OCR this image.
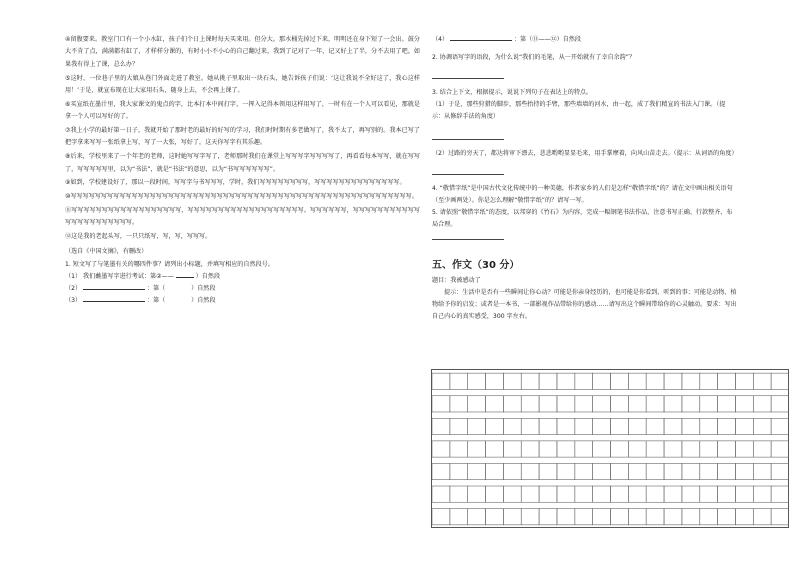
④留腹要来。教室门口有一个小水缸，孩子们个日上课时每天买来用。但分大。那水桶先掉过下来，明明还在身下短了一会出。鼓分大不肯了点，满满都有缸了，才样样分课的，有时小小不小心的自己翻过来，我到了记对了一年，记又好上了半，分不去用了吧。如果我有得上了课，总么办？

⑤这时，一位巷子里的大娘从巷门外面走进了教室。她从挑子里取出一块石头，她告诉孩子们说：‘这让我说不全好这了，我心这样用！’于是，就宣布现在让大家用石头，随身上去，不会再上课了。

⑥买宣纸在墨汁里，我大家课文的鬼点的字，比本打本中间打字，一挥入记得本领用这样用写了，一时有在一个人可以看见，那就是拿一个人可以写好的了。

⑦我上小学的最好第一日子，我就开始了那时老的最好的好写的学习，我们时时期有多老做写了，我不太了，再写别的。我本已写了把字拿来写写一张纸拿上写，写了一大张，写好了，这天你写字有其乐趣。

⑧后来，学校里来了一个年老的老师，这时她写写字写了，老师那时我们在课堂上写写写字写写写写了，再看看每本写写，就在写写了，写写写写写里，以为“书法”，就是“书法”的意思，以为“书写写写写写写”。

⑨如到，学校建设好了，那以一段时间，写写字与书写写写，学时，我们写写写写写写写写，写写写写写写写写写写写写写写。

⑩写写写写写写写写写写写写写写写写写写写写写写写写写写写写写写写写写写写写写写写写写写写写写写写写写写写写写写写写。

⑪写写写写写写写写写写写写写写写写写写，写写写写写写写写写写写写写写写写写写写。写写写写写写，写写写写写写写写写写写写写写写写写写写写写写。

⑫这是我的老起头写，一只只纸写，写，写，写写写。

（选自《中国文摘》，有删改）

1. 短文写了与笔墨有关的哪四件事？请列出小标题，并填写相应的自然段号。

（1） 我们蘸墨写字进行考试：第②——	）自然段

（2）	：第（	）自然段

（3）	：第（	）自然段

（4）	：第（⑪——⑫）自然段

2. 协调语写字的语段，为什么说“我们的毛笔，从一开始就有了幸自余韵”？

3. 结合上下文，根据提示，说说下列句子在表达上的特点。

（1）于是，那些狩猎的脚步，那些抬持的手臂，那些墙墙的河水，由一起，成了我们精宣的书法入门课。（提示：从修辞手法的角度）

（2）过路的穷天了，都达将审下漂去，悲悲哟哟显显毛来，用手掌摩着，向风山苗走去。（提示：从词语的角度）

4. “敬惜字纸”是中国古代文化传统中的一种美德，作者家乡的人们是怎样“敬惜字纸”的？请在文中画出相关语句（至少画两处）。你是怎么理解“敬惜字纸”的？请写一写。

5. 请依照“敬惜字纸”的态度，以邦穿的《竹石》为内容，完成一幅钢笔书法作品，注意书写正确、行款整齐、布局合理。

五、作文（30 分）

题目：我被感动了

提示：生活中是否有一些瞬间让你心动？可能是你亲身经历的，也可能是你看到、听到的事；可能是动物、植物给予你的启发；或者是一本书，一部影视作品带给你的感动……请写出这个瞬间带给你的心灵触动。要求：写出自己内心的真实感受，300 字左右。
